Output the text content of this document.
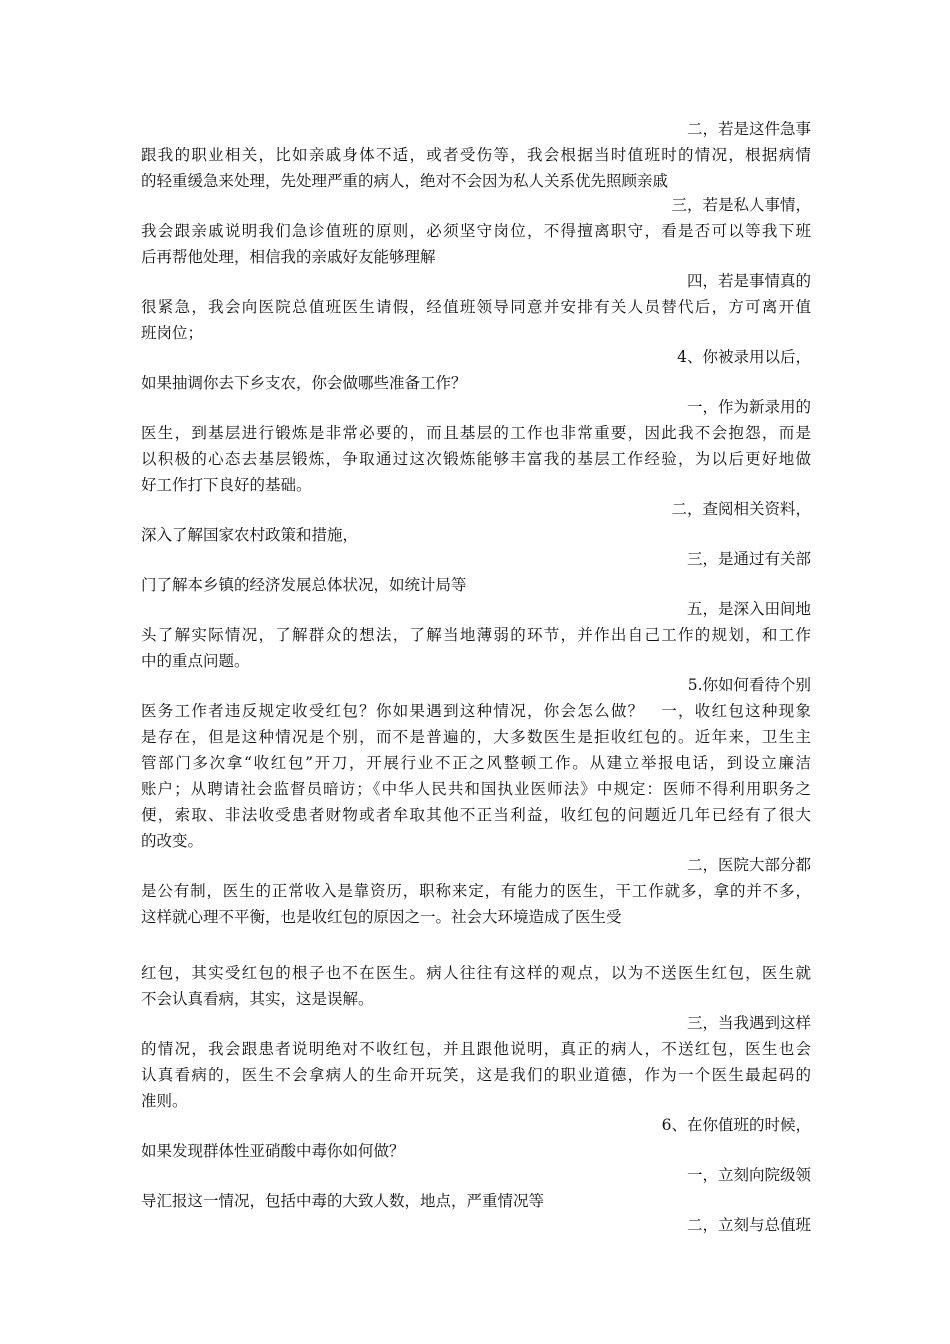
二，若是这件急事
跟我的职业相关，比如亲戚身体不适，或者受伤等，我会根据当时值班时的情况，根据病情
的轻重缓急来处理，先处理严重的病人，绝对不会因为私人关系优先照顾亲戚
三，若是私人事情，
我会跟亲戚说明我们急诊值班的原则，必须坚守岗位，不得擅离职守，看是否可以等我下班
后再帮他处理，相信我的亲戚好友能够理解
四，若是事情真的
很紧急，我会向医院总值班医生请假，经值班领导同意并安排有关人员替代后，方可离开值
班岗位；
4、你被录用以后，
如果抽调你去下乡支农，你会做哪些准备工作？
一，作为新录用的
医生，到基层进行锻炼是非常必要的，而且基层的工作也非常重要，因此我不会抱怨，而是
以积极的心态去基层锻炼，争取通过这次锻炼能够丰富我的基层工作经验，为以后更好地做
好工作打下良好的基础。
二，查阅相关资料，
深入了解国家农村政策和措施，
三，是通过有关部
门了解本乡镇的经济发展总体状况，如统计局等
五，是深入田间地
头了解实际情况，了解群众的想法，了解当地薄弱的环节，并作出自己工作的规划，和工作
中的重点问题。
5.你如何看待个别
医务工作者违反规定收受红包？你如果遇到这种情况，你会怎么做？　一，收红包这种现象
是存在，但是这种情况是个别，而不是普遍的，大多数医生是拒收红包的。近年来，卫生主
管部门多次拿“收红包”开刀，开展行业不正之风整顿工作。从建立举报电话，到设立廉洁
账户；从聘请社会监督员暗访；《中华人民共和国执业医师法》中规定：医师不得利用职务之
便，索取、非法收受患者财物或者牟取其他不正当利益，收红包的问题近几年已经有了很大
的改变。
二，医院大部分都
是公有制，医生的正常收入是靠资历，职称来定，有能力的医生，干工作就多，拿的并不多，
这样就心理不平衡，也是收红包的原因之一。社会大环境造成了医生受
红包，其实受红包的根子也不在医生。病人往往有这样的观点，以为不送医生红包，医生就
不会认真看病，其实，这是误解。
三，当我遇到这样
的情况，我会跟患者说明绝对不收红包，并且跟他说明，真正的病人，不送红包，医生也会
认真看病的，医生不会拿病人的生命开玩笑，这是我们的职业道德，作为一个医生最起码的
准则。
6、在你值班的时候，
如果发现群体性亚硝酸中毒你如何做？
一，立刻向院级领
导汇报这一情况，包括中毒的大致人数，地点，严重情况等
二，立刻与总值班
